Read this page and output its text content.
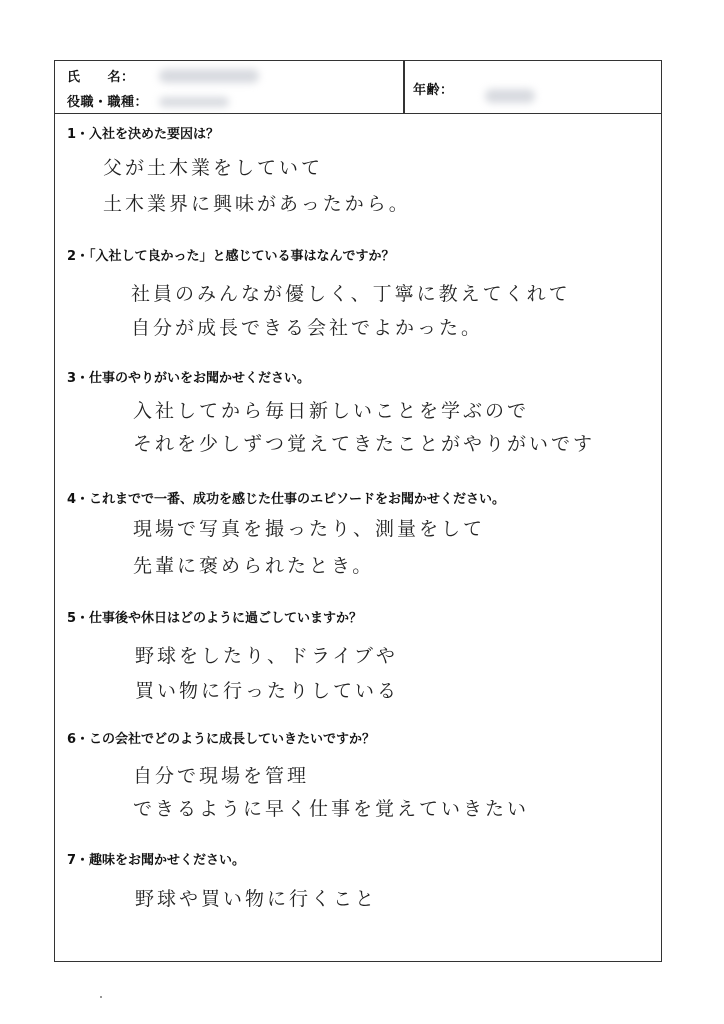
氏　　名：
役職・職種：
年齢：
1・入社を決めた要因は？
父が土木業をしていて
土木業界に興味があったから。
2・「入社して良かった」と感じている事はなんですか？
社員のみんなが優しく、丁寧に教えてくれて
自分が成長できる会社でよかった。
3・仕事のやりがいをお聞かせください。
入社してから毎日新しいことを学ぶので
それを少しずつ覚えてきたことがやりがいです
4・これまでで一番、成功を感じた仕事のエピソードをお聞かせください。
現場で写真を撮ったり、測量をして
先輩に褒められたとき。
5・仕事後や休日はどのように過ごしていますか？
野球をしたり、ドライブや
買い物に行ったりしている
6・この会社でどのように成長していきたいですか？
自分で現場を管理
できるように早く仕事を覚えていきたい
7・趣味をお聞かせください。
野球や買い物に行くこと
